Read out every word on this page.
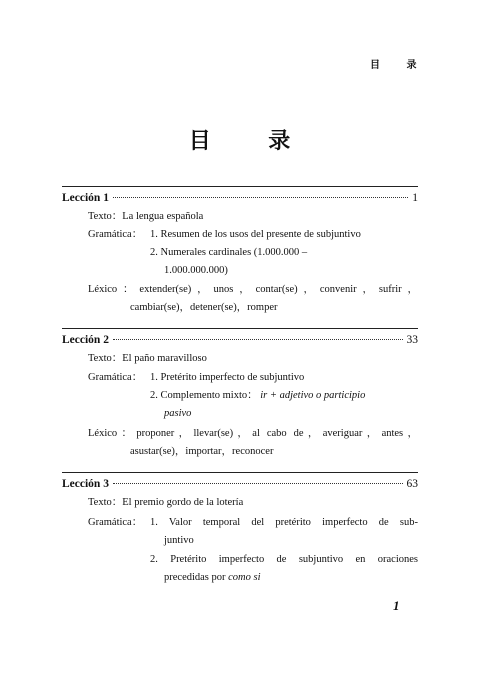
目 录
目 录
Lección 1	1
Texto：La lengua española
Gramática： 1. Resumen de los usos del presente de subjuntivo
2. Numerales cardinales (1.000.000 –
1.000.000.000)
Léxico：extender(se)，unos，contar(se)，convenir，sufrir，
cambiar(se)，detener(se)，romper
Lección 2	33
Texto：El paño maravilloso
Gramática： 1. Pretérito imperfecto de subjuntivo
2. Complemento mixto： ir + adjetivo o participio
pasivo
Léxico：proponer，llevar(se)，al cabo de，averiguar，antes，
asustar(se)，importar，reconocer
Lección 3	63
Texto：El premio gordo de la lotería
Gramática： 1. Valor temporal del pretérito imperfecto de sub-
juntivo
2. Pretérito imperfecto de subjuntivo en oraciones
precedidas por como si
1
